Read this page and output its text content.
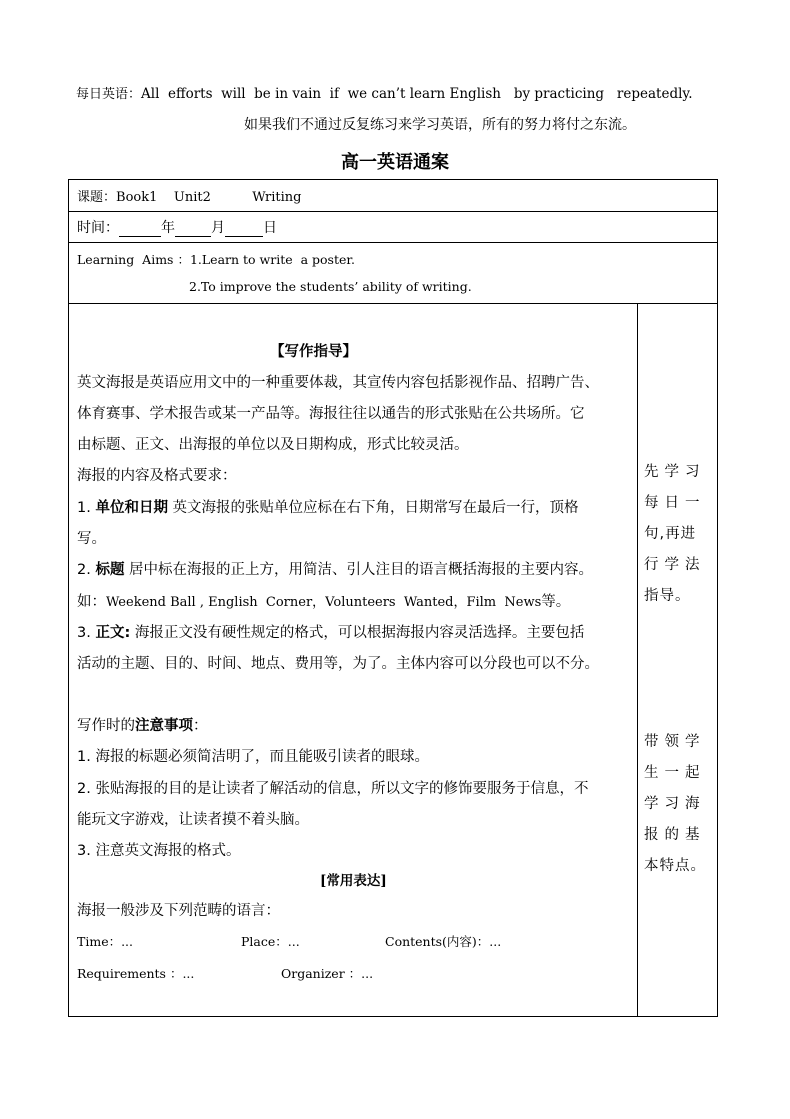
每日英语：All  efforts  will  be in vain  if  we can’t learn English   by practicing   repeatedly.
如果我们不通过反复练习来学习英语，所有的努力将付之东流。
高一英语通案
课题：Book1    Unit2          Writing
时间：	年	月	日

Learning  Aims ：1.Learn to write  a poster.
2.To improve the students’ ability of writing.

【写作指导】
英文海报是英语应用文中的一种重要体裁，其宣传内容包括影视作品、招聘广告、
体育赛事、学术报告或某一产品等。海报往往以通告的形式张贴在公共场所。它
由标题、正文、出海报的单位以及日期构成，形式比较灵活。
海报的内容及格式要求：
1. 单位和日期 英文海报的张贴单位应标在右下角，日期常写在最后一行，顶格
写。
2. 标题 居中标在海报的正上方，用简洁、引人注目的语言概括海报的主要内容。
如：Weekend Ball , English  Corner，Volunteers  Wanted，Film  News等。
3. 正文: 海报正文没有硬性规定的格式，可以根据海报内容灵活选择。主要包括
活动的主题、目的、时间、地点、费用等，为了。主体内容可以分段也可以不分。
写作时的注意事项：
1. 海报的标题必须简洁明了，而且能吸引读者的眼球。
2. 张贴海报的目的是让读者了解活动的信息，所以文字的修饰要服务于信息，不
能玩文字游戏，让读者摸不着头脑。
3. 注意英文海报的格式。
[常用表达]
海报一般涉及下列范畴的语言：
Time：...	Place：...	Contents(内容)：...
Requirements ：...	Organizer ：...

先学习
每日一
句,再进
行学法
指导。
带领学
生一起
学习海
报的基
本特点。
